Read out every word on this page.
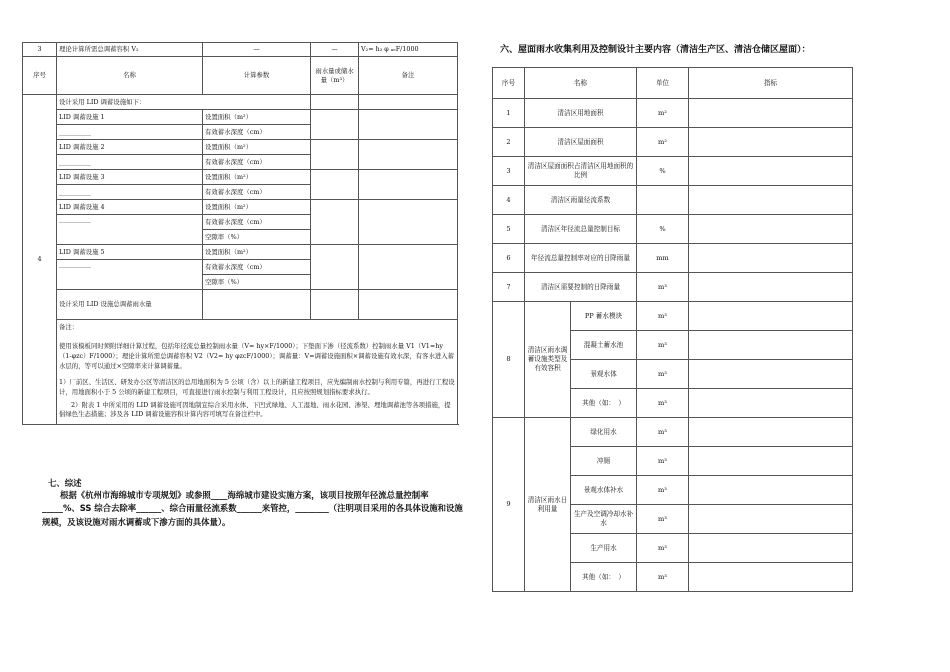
3	理论计算所需总调蓄容积 V₂	—	—	V₂= h₂ φ ₐₑF/1000
序号	名称	计算参数	雨水量或储水量（m³）	备注
4	设计采用 LID 调蓄设施如下：			
	LID 调蓄设施 1	设置面积（m²）		
	__________	有效蓄水深度（cm）		
	LID 调蓄设施 2	设置面积（m²）		
	__________	有效蓄水深度（cm）		
	LID 调蓄设施 3	设置面积（m²）		
	__________	有效蓄水深度（cm）		
	LID 调蓄设施 4	设置面积（m²）		
	__________	有效蓄水深度（cm）		
		空隙率（%）		
	LID 调蓄设施 5	设置面积（m²）		
	__________	有效蓄水深度（cm）		
		空隙率（%）		
	设计采用 LID 设施总调蓄雨水量			

	备注：
使用该模板同时须附详细计算过程，包括年径流总量控制雨水量（V= hy×F/1000）；下垫面下渗（径流系数）控制雨水量 V1（V1=hy（1-φzc）F/1000）；理论计算所需总调蓄容积 V2（V2= hy φzcF/1000）；调蓄量：V=调蓄设施面积×调蓄设施有效水深，有客水进入蓄水层的，等可以通过×空隙率来计算调蓄量。
1）厂前区、生活区、研发办公区等清洁区的总用地面积为 5 公顷（含）以上的新建工程项目，应先编制雨水控制与利用专篇，再进行工程设计，用地面积小于 5 公顷的新建工程项目，可直接进行雨水控制与利用工程设计，且应按照规划指标要求执行。
2）附表 1 中所采用的 LID 调蓄设施可因地制宜综合采用水体、下凹式绿地、人工湿地、雨水花园、渗渠、埋地调蓄池等各项措施，提倡绿色生态措施；涉及各 LID 调蓄设施容积计算内容可填写在备注栏中。			
七、综述
根据《杭州市海绵城市专项规划》或参照____海绵城市建设实施方案，该项目按照年径流总量控制率_____%、SS 综合去除率______、综合雨量径流系数______来管控，________（注明项目采用的各具体设施和设施规模，及该设施对雨水调蓄或下渗方面的具体量）。
六、屋面雨水收集利用及控制设计主要内容（清洁生产区、清洁仓储区屋面）：
序号	名称		单位	指标
1	清洁区用地面积		m²	
2	清洁区屋面面积		m²	
3	清洁区屋面面积占清洁区用地面积的比例		%	
4	清洁区雨量径流系数			
5	清洁区年径流总量控制目标		%	
6	年径流总量控制率对应的日降雨量		mm	
7	清洁区需要控制的日降雨量		m³	
8	清洁区雨水调蓄设施类型及有效容积	PP 蓄水模块	m³	
		混凝土蓄水池	m³	
		景观水体	m³	
		其他（如：　）	m³	
9	清洁区雨水日利用量	绿化用水	m³	
		冲厕	m³	
		景观水体补水	m³	
		生产及空调冷却水补水	m³	
		生产用水	m³	
		其他（如：　）	m³	
